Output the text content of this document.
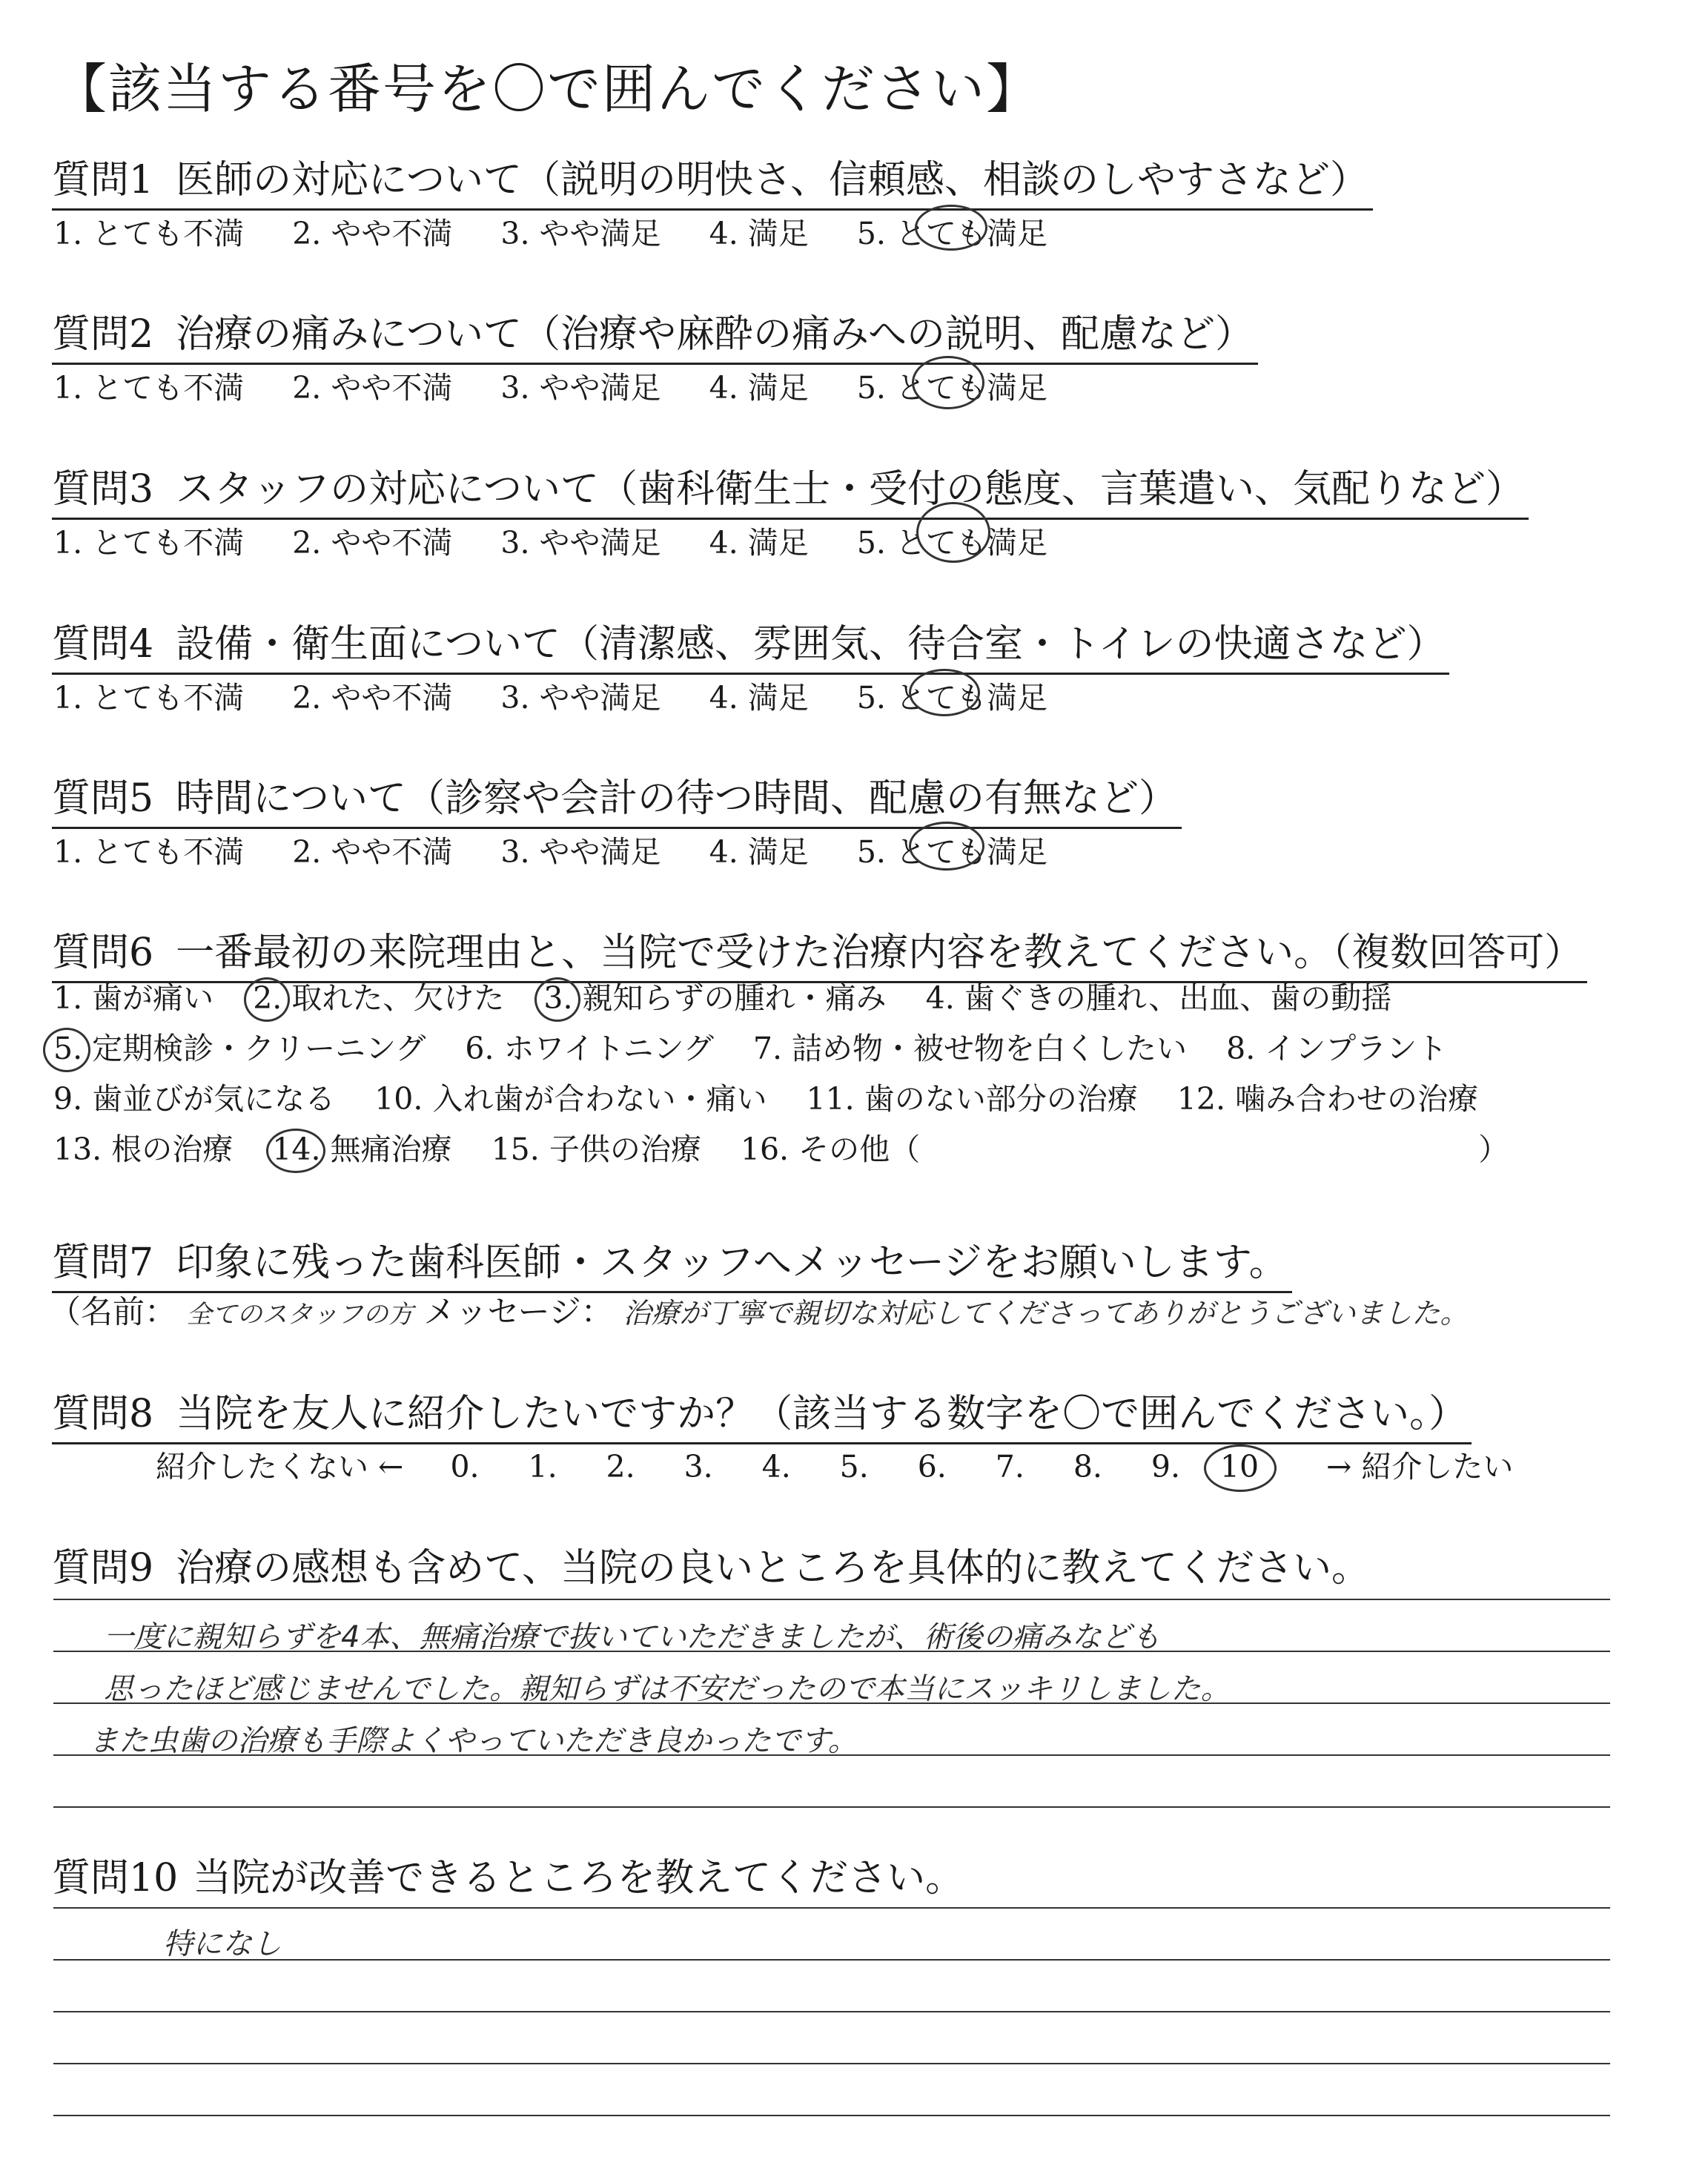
【該当する番号を〇で囲んでください】
質問1 医師の対応について（説明の明快さ、信頼感、相談のしやすさなど）
1. とても不満 2. やや不満 3. やや満足 4. 満足 5. とても満足
質問2 治療の痛みについて（治療や麻酔の痛みへの説明、配慮など）
1. とても不満 2. やや不満 3. やや満足 4. 満足 5. とても満足
質問3 スタッフの対応について（歯科衛生士・受付の態度、言葉遣い、気配りなど）
1. とても不満 2. やや不満 3. やや満足 4. 満足 5. とても満足
質問4 設備・衛生面について（清潔感、雰囲気、待合室・トイレの快適さなど）
1. とても不満 2. やや不満 3. やや満足 4. 満足 5. とても満足
質問5 時間について（診察や会計の待つ時間、配慮の有無など）
1. とても不満 2. やや不満 3. やや満足 4. 満足 5. とても満足
質問6 一番最初の来院理由と、当院で受けた治療内容を教えてください。（複数回答可）
1. 歯が痛い 2. 取れた、欠けた 3. 親知らずの腫れ・痛み 4. 歯ぐきの腫れ、出血、歯の動揺
5. 定期検診・クリーニング 6. ホワイトニング 7. 詰め物・被せ物を白くしたい 8. インプラント
9. 歯並びが気になる 10. 入れ歯が合わない・痛い 11. 歯のない部分の治療 12. 噛み合わせの治療
13. 根の治療 14. 無痛治療 15. 子供の治療 16. その他（	）
質問7 印象に残った歯科医師・スタッフへメッセージをお願いします。
（名前： 全てのスタッフの方 メッセージ： 治療が丁寧で親切な対応してくださってありがとうございました。
質問8 当院を友人に紹介したいですか？（該当する数字を〇で囲んでください。）
紹介したくない ← 0. 1. 2. 3. 4. 5. 6. 7. 8. 9. 10 → 紹介したい
質問9 治療の感想も含めて、当院の良いところを具体的に教えてください。
一度に親知らずを4本、無痛治療で抜いていただきましたが、術後の痛みなども
思ったほど感じませんでした。親知らずは不安だったので本当にスッキリしました。
また虫歯の治療も手際よくやっていただき良かったです。
質問10 当院が改善できるところを教えてください。
特になし
